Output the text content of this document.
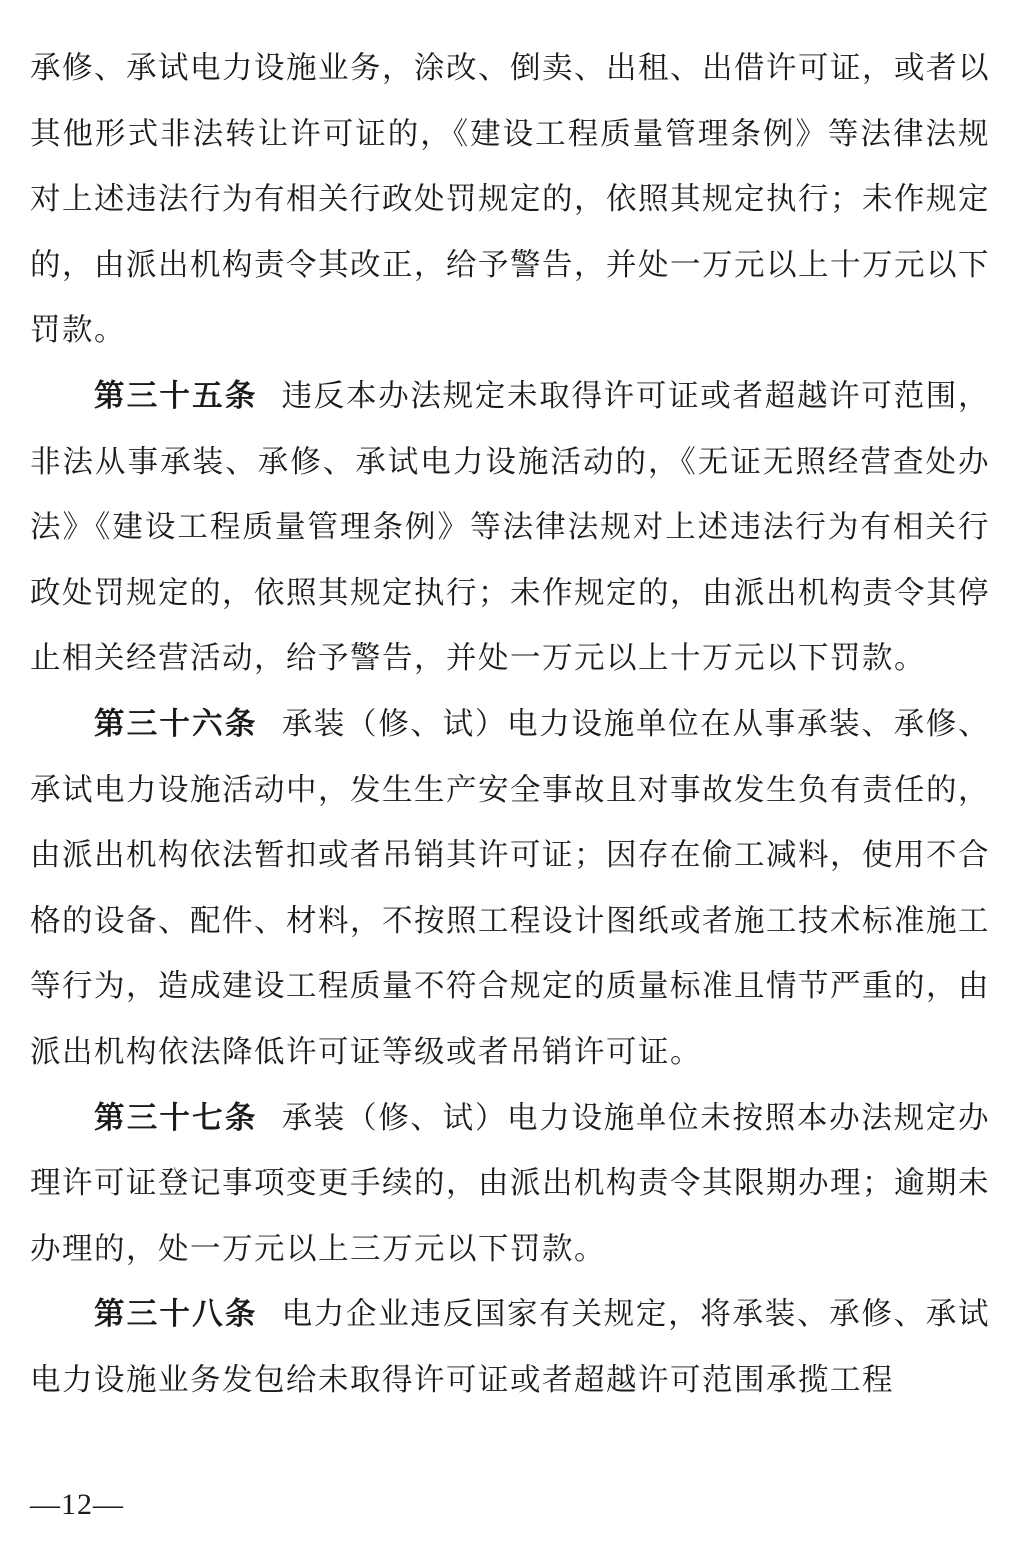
承修、承试电力设施业务，涂改、倒卖、出租、出借许可证，或者以其他形式非法转让许可证的，《建设工程质量管理条例》等法律法规对上述违法行为有相关行政处罚规定的，依照其规定执行；未作规定的，由派出机构责令其改正，给予警告，并处一万元以上十万元以下罚款。

第三十五条 违反本办法规定未取得许可证或者超越许可范围，非法从事承装、承修、承试电力设施活动的，《无证无照经营查处办法》《建设工程质量管理条例》等法律法规对上述违法行为有相关行政处罚规定的，依照其规定执行；未作规定的，由派出机构责令其停止相关经营活动，给予警告，并处一万元以上十万元以下罚款。

第三十六条 承装（修、试）电力设施单位在从事承装、承修、承试电力设施活动中，发生生产安全事故且对事故发生负有责任的，由派出机构依法暂扣或者吊销其许可证；因存在偷工减料，使用不合格的设备、配件、材料，不按照工程设计图纸或者施工技术标准施工等行为，造成建设工程质量不符合规定的质量标准且情节严重的，由派出机构依法降低许可证等级或者吊销许可证。

第三十七条 承装（修、试）电力设施单位未按照本办法规定办理许可证登记事项变更手续的，由派出机构责令其限期办理；逾期未办理的，处一万元以上三万元以下罚款。

第三十八条 电力企业违反国家有关规定，将承装、承修、承试电力设施业务发包给未取得许可证或者超越许可范围承揽工程

—12—
